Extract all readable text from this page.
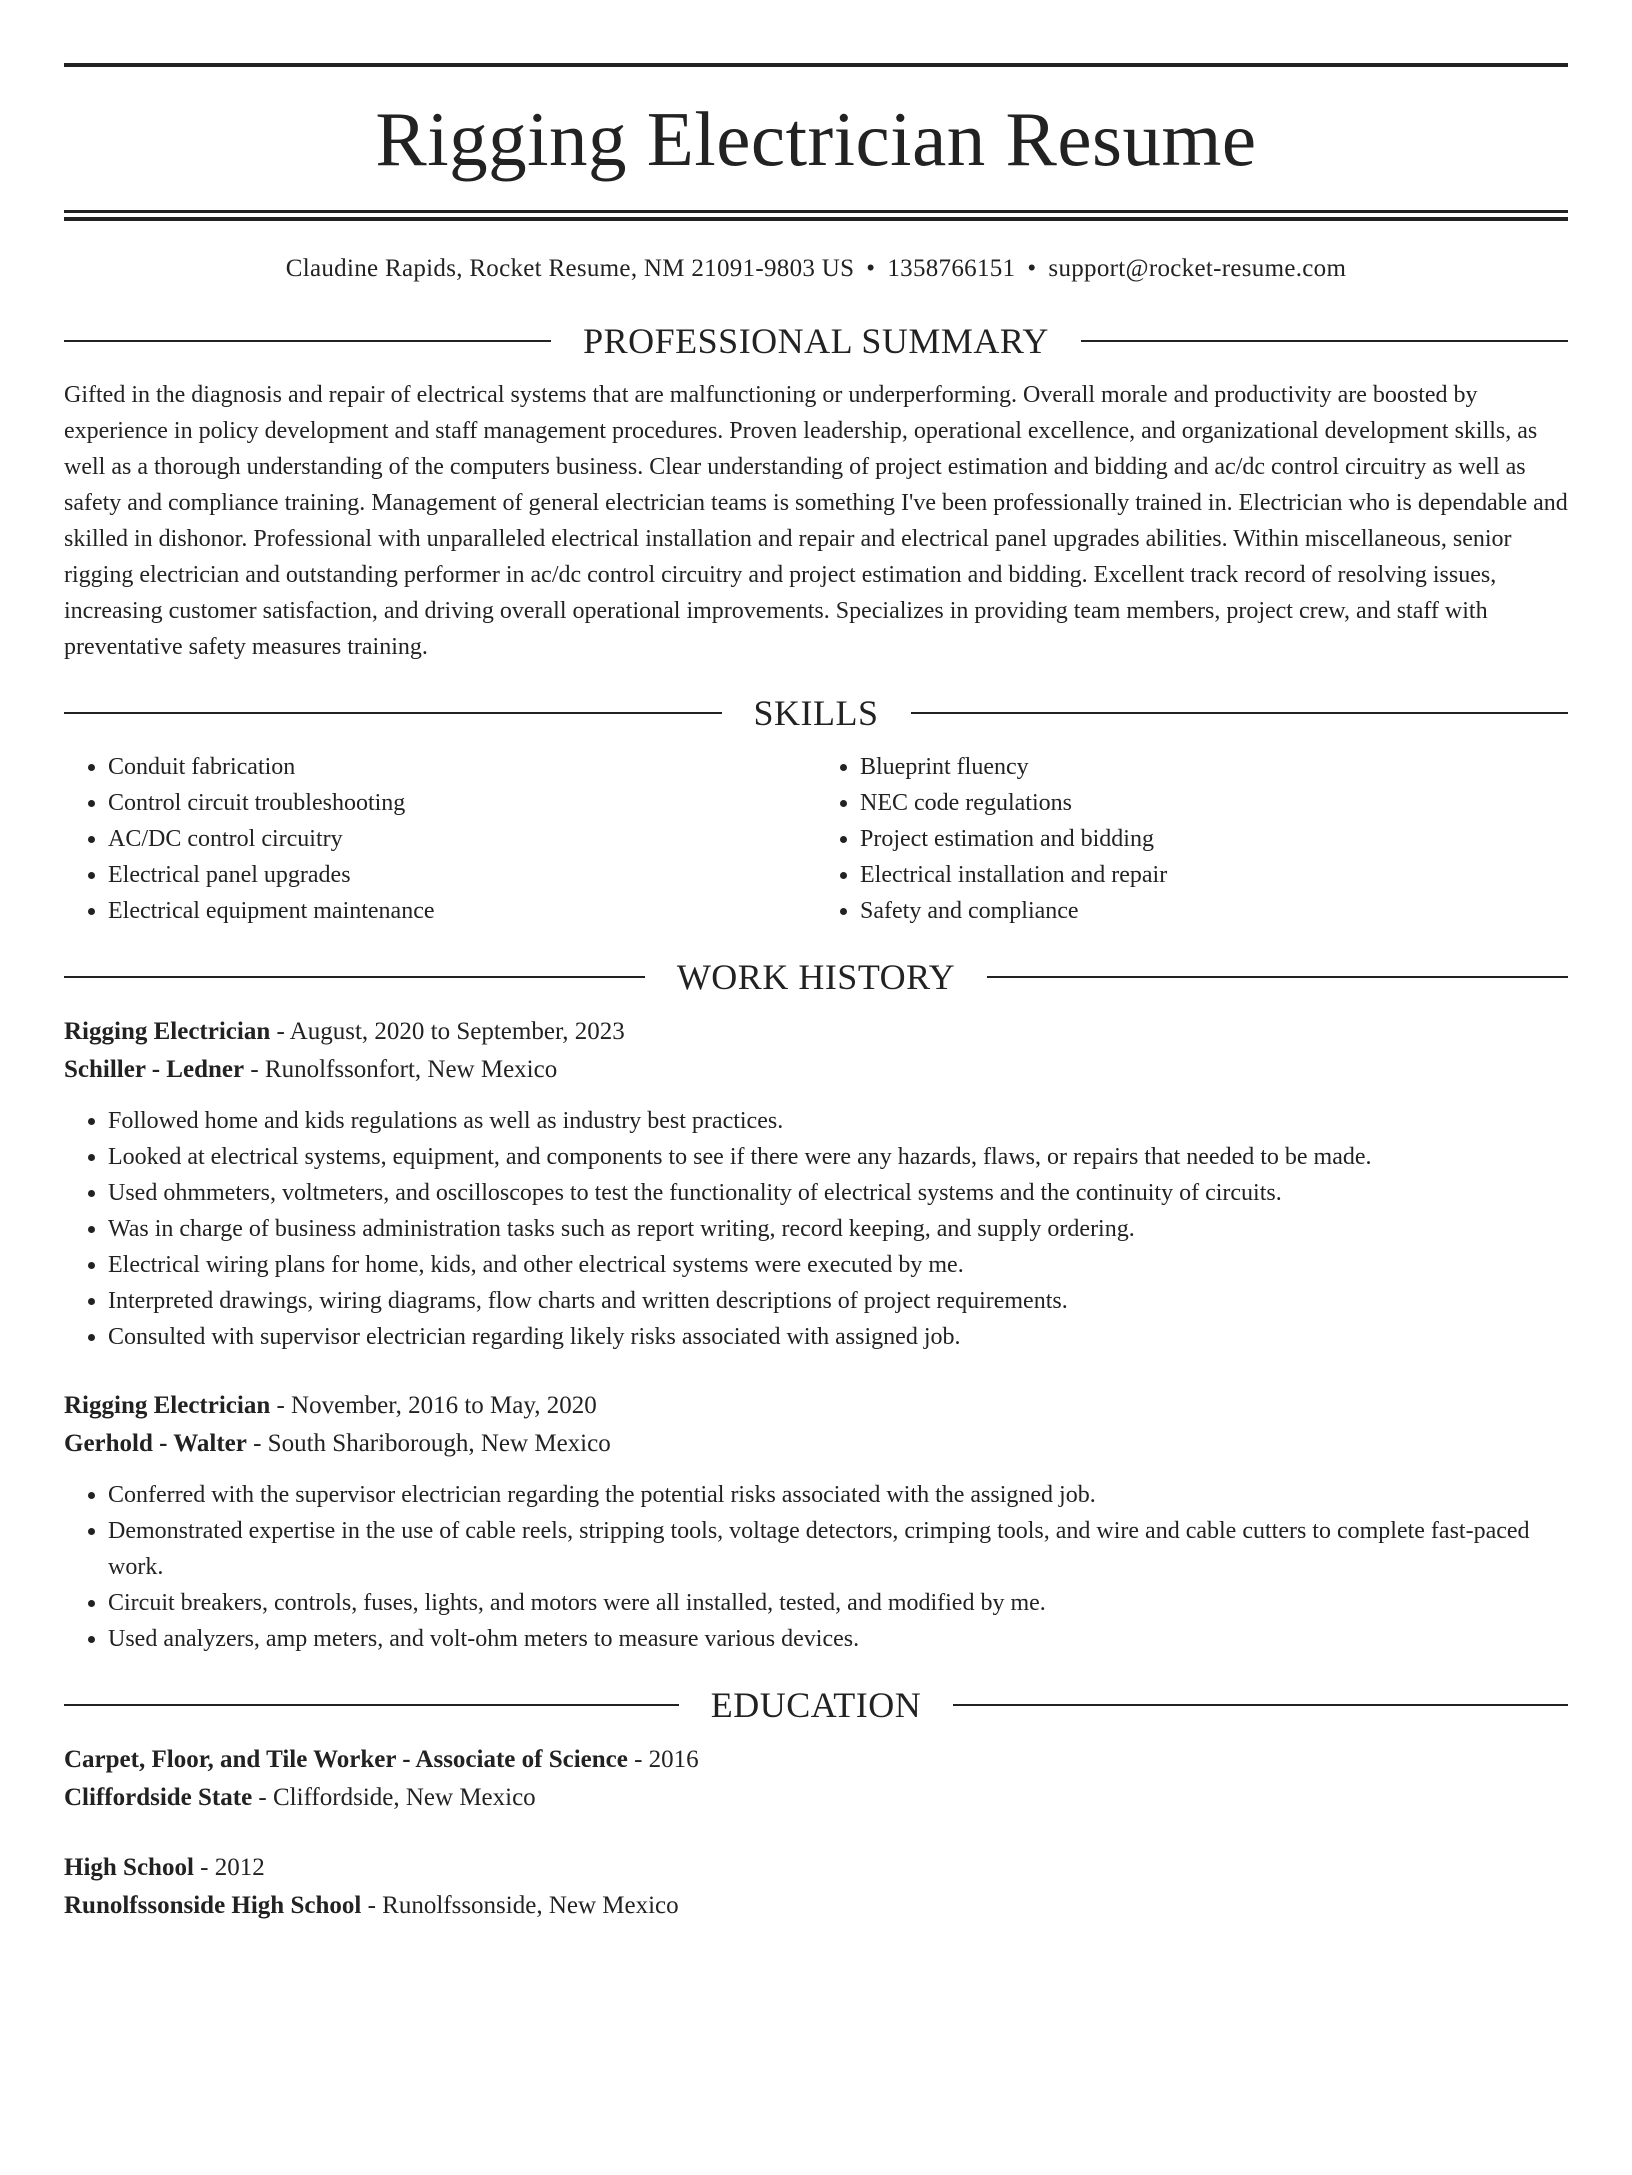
Rigging Electrician Resume
Claudine Rapids, Rocket Resume, NM 21091-9803 US • 1358766151 • support@rocket-resume.com
PROFESSIONAL SUMMARY

Gifted in the diagnosis and repair of electrical systems that are malfunctioning or underperforming. Overall morale and productivity are boosted by experience in policy development and staff management procedures. Proven leadership, operational excellence, and organizational development skills, as well as a thorough understanding of the computers business. Clear understanding of project estimation and bidding and ac/dc control circuitry as well as safety and compliance training. Management of general electrician teams is something I've been professionally trained in. Electrician who is dependable and skilled in dishonor. Professional with unparalleled electrical installation and repair and electrical panel upgrades abilities. Within miscellaneous, senior rigging electrician and outstanding performer in ac/dc control circuitry and project estimation and bidding. Excellent track record of resolving issues, increasing customer satisfaction, and driving overall operational improvements. Specializes in providing team members, project crew, and staff with preventative safety measures training.

SKILLS
• Conduit fabrication
• Control circuit troubleshooting
• AC/DC control circuitry
• Electrical panel upgrades
• Electrical equipment maintenance
• Blueprint fluency
• NEC code regulations
• Project estimation and bidding
• Electrical installation and repair
• Safety and compliance
WORK HISTORY
Rigging Electrician - August, 2020 to September, 2023
Schiller - Ledner - Runolfssonfort, New Mexico
• Followed home and kids regulations as well as industry best practices.
• Looked at electrical systems, equipment, and components to see if there were any hazards, flaws, or repairs that needed to be made.
• Used ohmmeters, voltmeters, and oscilloscopes to test the functionality of electrical systems and the continuity of circuits.
• Was in charge of business administration tasks such as report writing, record keeping, and supply ordering.
• Electrical wiring plans for home, kids, and other electrical systems were executed by me.
• Interpreted drawings, wiring diagrams, flow charts and written descriptions of project requirements.
• Consulted with supervisor electrician regarding likely risks associated with assigned job.
Rigging Electrician - November, 2016 to May, 2020
Gerhold - Walter - South Shariborough, New Mexico
• Conferred with the supervisor electrician regarding the potential risks associated with the assigned job.
• Demonstrated expertise in the use of cable reels, stripping tools, voltage detectors, crimping tools, and wire and cable cutters to complete fast-paced work.
• Circuit breakers, controls, fuses, lights, and motors were all installed, tested, and modified by me.
• Used analyzers, amp meters, and volt-ohm meters to measure various devices.
EDUCATION
Carpet, Floor, and Tile Worker - Associate of Science - 2016
Cliffordside State - Cliffordside, New Mexico
High School - 2012
Runolfssonside High School - Runolfssonside, New Mexico
